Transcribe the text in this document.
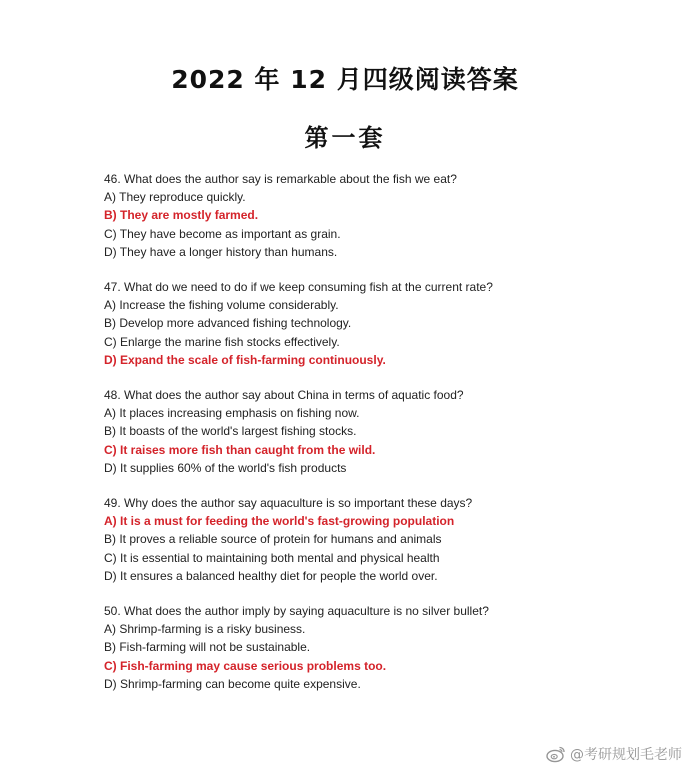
2022 年 12 月四级阅读答案
第一套
46. What does the author say is remarkable about the fish we eat?
A) They reproduce quickly.
B) They are mostly farmed.
C) They have become as important as grain.
D) They have a longer history than humans.
47. What do we need to do if we keep consuming fish at the current rate?
A) Increase the fishing volume considerably.
B) Develop more advanced fishing technology.
C) Enlarge the marine fish stocks effectively.
D) Expand the scale of fish-farming continuously.
48. What does the author say about China in terms of aquatic food?
A) It places increasing emphasis on fishing now.
B) It boasts of the world's largest fishing stocks.
C) It raises more fish than caught from the wild.
D) It supplies 60% of the world's fish products
49. Why does the author say aquaculture is so important these days?
A) It is a must for feeding the world's fast-growing population
B) It proves a reliable source of protein for humans and animals
C) It is essential to maintaining both mental and physical health
D) It ensures a balanced healthy diet for people the world over.
50. What does the author imply by saying aquaculture is no silver bullet?
A) Shrimp-farming is a risky business.
B) Fish-farming will not be sustainable.
C) Fish-farming may cause serious problems too.
D) Shrimp-farming can become quite expensive.
@考研规划毛老师
